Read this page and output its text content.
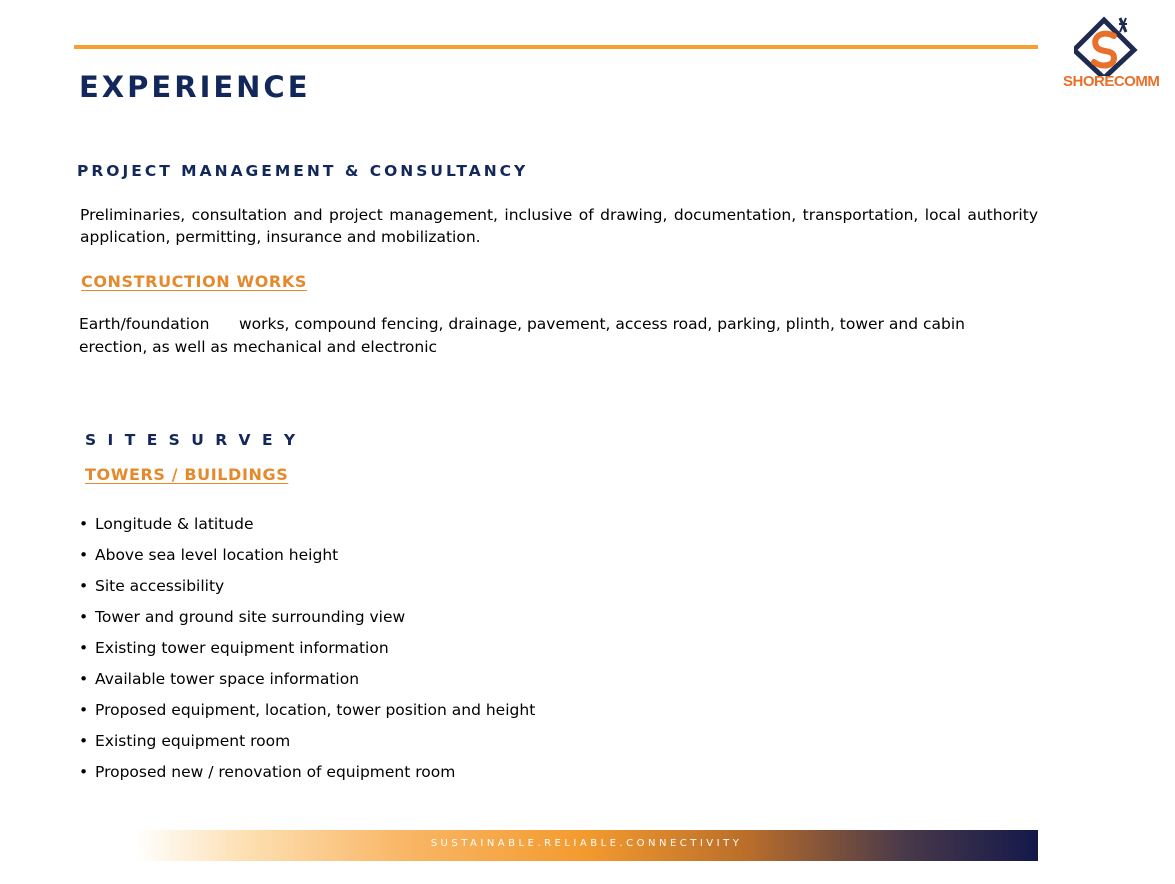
SHORECOMM
EXPERIENCE
PROJECT MANAGEMENT & CONSULTANCY
Preliminaries, consultation and project management, inclusive of drawing, documentation, transportation, local authority application, permitting, insurance and mobilization.
CONSTRUCTION WORKS
Earth/foundation      works, compound fencing, drainage, pavement, access road, parking, plinth, tower and cabin
erection, as well as mechanical and electronic
S I T E S U R V E Y
TOWERS / BUILDINGS
• Longitude & latitude
• Above sea level location height
• Site accessibility
• Tower and ground site surrounding view
• Existing tower equipment information
• Available tower space information
• Proposed equipment, location, tower position and height
• Existing equipment room
• Proposed new / renovation of equipment room
SUSTAINABLE.RELIABLE.CONNECTIVITY
